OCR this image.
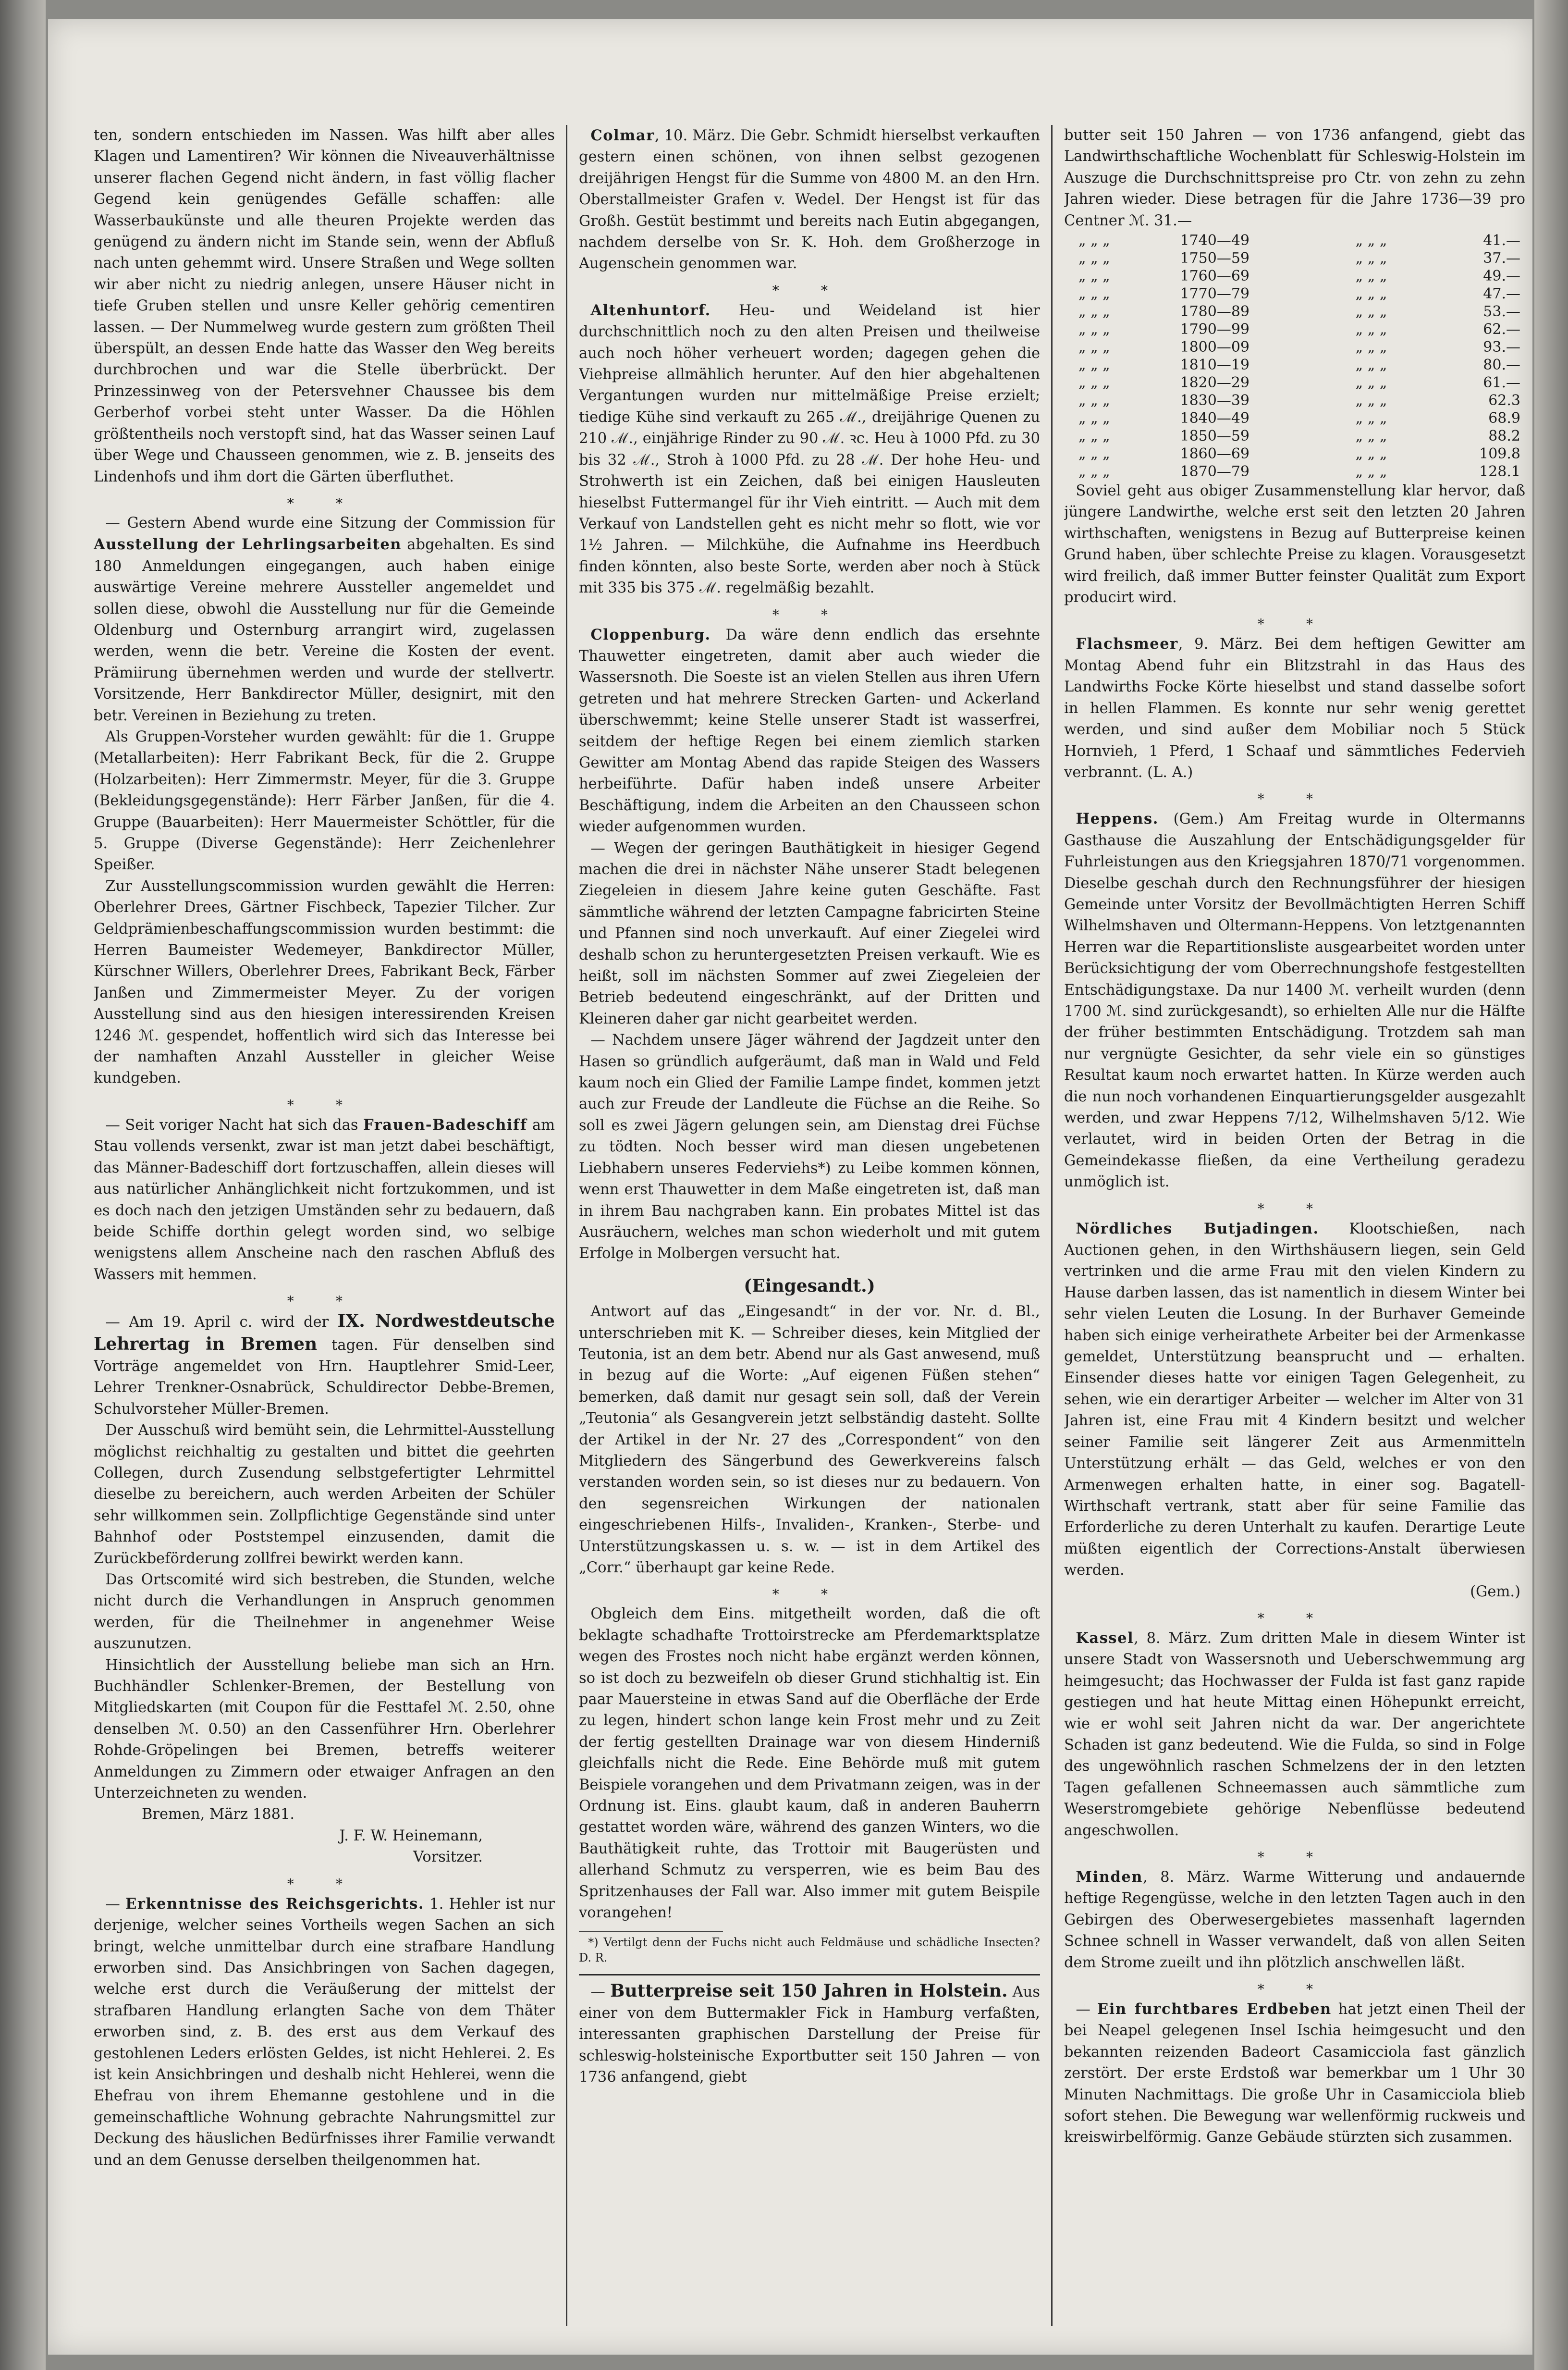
ten, sondern entschieden im Nassen. Was hilft aber alles Klagen und Lamentiren? Wir können die Niveauverhältnisse unserer flachen Gegend nicht ändern, in fast völlig flacher Gegend kein genügendes Gefälle schaffen: alle Wasserbaukünste und alle theuren Projekte werden das genügend zu ändern nicht im Stande sein, wenn der Abfluß nach unten gehemmt wird. Unsere Straßen und Wege sollten wir aber nicht zu niedrig anlegen, unsere Häuser nicht in tiefe Gruben stellen und unsre Keller gehörig cementiren lassen. — Der Nummelweg wurde gestern zum größten Theil überspült, an dessen Ende hatte das Wasser den Weg bereits durchbrochen und war die Stelle überbrückt. Der Prinzessinweg von der Petersvehner Chaussee bis dem Gerberhof vorbei steht unter Wasser. Da die Höhlen größtentheils noch verstopft sind, hat das Wasser seinen Lauf über Wege und Chausseen genommen, wie z. B. jenseits des Lindenhofs und ihm dort die Gärten überfluthet.

* *

— Gestern Abend wurde eine Sitzung der Commission für Ausstellung der Lehrlingsarbeiten abgehalten. Es sind 180 Anmeldungen eingegangen, auch haben einige auswärtige Vereine mehrere Aussteller angemeldet und sollen diese, obwohl die Ausstellung nur für die Gemeinde Oldenburg und Osternburg arrangirt wird, zugelassen werden, wenn die betr. Vereine die Kosten der event. Prämiirung übernehmen werden und wurde der stellvertr. Vorsitzende, Herr Bankdirector Müller, designirt, mit den betr. Vereinen in Beziehung zu treten.

Als Gruppen-Vorsteher wurden gewählt: für die 1. Gruppe (Metallarbeiten): Herr Fabrikant Beck, für die 2. Gruppe (Holzarbeiten): Herr Zimmermstr. Meyer, für die 3. Gruppe (Bekleidungsgegenstände): Herr Färber Janßen, für die 4. Gruppe (Bauarbeiten): Herr Mauermeister Schöttler, für die 5. Gruppe (Diverse Gegenstände): Herr Zeichenlehrer Speißer.

Zur Ausstellungscommission wurden gewählt die Herren: Oberlehrer Drees, Gärtner Fischbeck, Tapezier Tilcher. Zur Geldprämienbeschaffungscommission wurden bestimmt: die Herren Baumeister Wedemeyer, Bankdirector Müller, Kürschner Willers, Oberlehrer Drees, Fabrikant Beck, Färber Janßen und Zimmermeister Meyer. Zu der vorigen Ausstellung sind aus den hiesigen interessirenden Kreisen 1246 ℳ. gespendet, hoffentlich wird sich das Interesse bei der namhaften Anzahl Aussteller in gleicher Weise kundgeben.

* *

— Seit voriger Nacht hat sich das Frauen-Badeschiff am Stau vollends versenkt, zwar ist man jetzt dabei beschäftigt, das Männer-Badeschiff dort fortzuschaffen, allein dieses will aus natürlicher Anhänglichkeit nicht fortzukommen, und ist es doch nach den jetzigen Umständen sehr zu bedauern, daß beide Schiffe dorthin gelegt worden sind, wo selbige wenigstens allem Anscheine nach den raschen Abfluß des Wassers mit hemmen.

* *

— Am 19. April c. wird der IX. Nordwestdeutsche Lehrertag in Bremen tagen. Für denselben sind Vorträge angemeldet von Hrn. Hauptlehrer Smid-Leer, Lehrer Trenkner-Osnabrück, Schuldirector Debbe-Bremen, Schulvorsteher Müller-Bremen.

Der Ausschuß wird bemüht sein, die Lehrmittel-Ausstellung möglichst reichhaltig zu gestalten und bittet die geehrten Collegen, durch Zusendung selbstgefertigter Lehrmittel dieselbe zu bereichern, auch werden Arbeiten der Schüler sehr willkommen sein. Zollpflichtige Gegenstände sind unter Bahnhof oder Poststempel einzusenden, damit die Zurückbeförderung zollfrei bewirkt werden kann.

Das Ortscomité wird sich bestreben, die Stunden, welche nicht durch die Verhandlungen in Anspruch genommen werden, für die Theilnehmer in angenehmer Weise auszunutzen.

Hinsichtlich der Ausstellung beliebe man sich an Hrn. Buchhändler Schlenker-Bremen, der Bestellung von Mitgliedskarten (mit Coupon für die Festtafel ℳ. 2.50, ohne denselben ℳ. 0.50) an den Cassenführer Hrn. Oberlehrer Rohde-Gröpelingen bei Bremen, betreffs weiterer Anmeldungen zu Zimmern oder etwaiger Anfragen an den Unterzeichneten zu wenden.

Bremen, März 1881.

J. F. W. Heinemann,

Vorsitzer.

* *

— Erkenntnisse des Reichsgerichts. 1. Hehler ist nur derjenige, welcher seines Vortheils wegen Sachen an sich bringt, welche unmittelbar durch eine strafbare Handlung erworben sind. Das Ansichbringen von Sachen dagegen, welche erst durch die Veräußerung der mittelst der strafbaren Handlung erlangten Sache von dem Thäter erworben sind, z. B. des erst aus dem Verkauf des gestohlenen Leders erlösten Geldes, ist nicht Hehlerei. 2. Es ist kein Ansichbringen und deshalb nicht Hehlerei, wenn die Ehefrau von ihrem Ehemanne gestohlene und in die gemeinschaftliche Wohnung gebrachte Nahrungsmittel zur Deckung des häuslichen Bedürfnisses ihrer Familie verwandt und an dem Genusse derselben theilgenommen hat.

Colmar, 10. März. Die Gebr. Schmidt hierselbst verkauften gestern einen schönen, von ihnen selbst gezogenen dreijährigen Hengst für die Summe von 4800 M. an den Hrn. Oberstallmeister Grafen v. Wedel. Der Hengst ist für das Großh. Gestüt bestimmt und bereits nach Eutin abgegangen, nachdem derselbe von Sr. K. Hoh. dem Großherzoge in Augenschein genommen war.

* *

Altenhuntorf. Heu- und Weideland ist hier durchschnittlich noch zu den alten Preisen und theilweise auch noch höher verheuert worden; dagegen gehen die Viehpreise allmählich herunter. Auf den hier abgehaltenen Vergantungen wurden nur mittelmäßige Preise erzielt; tiedige Kühe sind verkauft zu 265 ℳ., dreijährige Quenen zu 210 ℳ., einjährige Rinder zu 90 ℳ. ꝛc. Heu à 1000 Pfd. zu 30 bis 32 ℳ., Stroh à 1000 Pfd. zu 28 ℳ. Der hohe Heu- und Strohwerth ist ein Zeichen, daß bei einigen Hausleuten hieselbst Futtermangel für ihr Vieh eintritt. — Auch mit dem Verkauf von Landstellen geht es nicht mehr so flott, wie vor 1½ Jahren. — Milchkühe, die Aufnahme ins Heerdbuch finden könnten, also beste Sorte, werden aber noch à Stück mit 335 bis 375 ℳ. regelmäßig bezahlt.

* *

Cloppenburg. Da wäre denn endlich das ersehnte Thauwetter eingetreten, damit aber auch wieder die Wassersnoth. Die Soeste ist an vielen Stellen aus ihren Ufern getreten und hat mehrere Strecken Garten- und Ackerland überschwemmt; keine Stelle unserer Stadt ist wasserfrei, seitdem der heftige Regen bei einem ziemlich starken Gewitter am Montag Abend das rapide Steigen des Wassers herbeiführte. Dafür haben indeß unsere Arbeiter Beschäftigung, indem die Arbeiten an den Chausseen schon wieder aufgenommen wurden.

— Wegen der geringen Bauthätigkeit in hiesiger Gegend machen die drei in nächster Nähe unserer Stadt belegenen Ziegeleien in diesem Jahre keine guten Geschäfte. Fast sämmtliche während der letzten Campagne fabricirten Steine und Pfannen sind noch unverkauft. Auf einer Ziegelei wird deshalb schon zu heruntergesetzten Preisen verkauft. Wie es heißt, soll im nächsten Sommer auf zwei Ziegeleien der Betrieb bedeutend eingeschränkt, auf der Dritten und Kleineren daher gar nicht gearbeitet werden.

— Nachdem unsere Jäger während der Jagdzeit unter den Hasen so gründlich aufgeräumt, daß man in Wald und Feld kaum noch ein Glied der Familie Lampe findet, kommen jetzt auch zur Freude der Landleute die Füchse an die Reihe. So soll es zwei Jägern gelungen sein, am Dienstag drei Füchse zu tödten. Noch besser wird man diesen ungebetenen Liebhabern unseres Federviehs*) zu Leibe kommen können, wenn erst Thauwetter in dem Maße eingetreten ist, daß man in ihrem Bau nachgraben kann. Ein probates Mittel ist das Ausräuchern, welches man schon wiederholt und mit gutem Erfolge in Molbergen versucht hat.

(Eingesandt.)

Antwort auf das „Eingesandt“ in der vor. Nr. d. Bl., unterschrieben mit K. — Schreiber dieses, kein Mitglied der Teutonia, ist an dem betr. Abend nur als Gast anwesend, muß in bezug auf die Worte: „Auf eigenen Füßen stehen“ bemerken, daß damit nur gesagt sein soll, daß der Verein „Teutonia“ als Gesangverein jetzt selbständig dasteht. Sollte der Artikel in der Nr. 27 des „Correspondent“ von den Mitgliedern des Sängerbund des Gewerkvereins falsch verstanden worden sein, so ist dieses nur zu bedauern. Von den segensreichen Wirkungen der nationalen eingeschriebenen Hilfs-, Invaliden-, Kranken-, Sterbe- und Unterstützungskassen u. s. w. — ist in dem Artikel des „Corr.“ überhaupt gar keine Rede.

* *

Obgleich dem Eins. mitgetheilt worden, daß die oft beklagte schadhafte Trottoirstrecke am Pferdemarktsplatze wegen des Frostes noch nicht habe ergänzt werden können, so ist doch zu bezweifeln ob dieser Grund stichhaltig ist. Ein paar Mauersteine in etwas Sand auf die Oberfläche der Erde zu legen, hindert schon lange kein Frost mehr und zu Zeit der fertig gestellten Drainage war von diesem Hinderniß gleichfalls nicht die Rede. Eine Behörde muß mit gutem Beispiele vorangehen und dem Privatmann zeigen, was in der Ordnung ist. Eins. glaubt kaum, daß in anderen Bauherrn gestattet worden wäre, während des ganzen Winters, wo die Bauthätigkeit ruhte, das Trottoir mit Baugerüsten und allerhand Schmutz zu versperren, wie es beim Bau des Spritzenhauses der Fall war. Also immer mit gutem Beispile vorangehen!

*) Vertilgt denn der Fuchs nicht auch Feldmäuse und schädliche Insecten? D. R.

— Butterpreise seit 150 Jahren in Holstein. Aus einer von dem Buttermakler Fick in Hamburg verfaßten, interessanten graphischen Darstellung der Preise für schleswig-holsteinische Exportbutter seit 150 Jahren — von 1736 anfangend, giebt

butter seit 150 Jahren — von 1736 anfangend, giebt das Landwirthschaftliche Wochenblatt für Schleswig-Holstein im Auszuge die Durchschnittspreise pro Ctr. von zehn zu zehn Jahren wieder. Diese betragen für die Jahre 1736—39 pro Centner ℳ. 31.—

„ „ „	1740—49	„ „ „	41.—
„ „ „	1750—59	„ „ „	37.—
„ „ „	1760—69	„ „ „	49.—
„ „ „	1770—79	„ „ „	47.—
„ „ „	1780—89	„ „ „	53.—
„ „ „	1790—99	„ „ „	62.—
„ „ „	1800—09	„ „ „	93.—
„ „ „	1810—19	„ „ „	80.—
„ „ „	1820—29	„ „ „	61.—
„ „ „	1830—39	„ „ „	62.3
„ „ „	1840—49	„ „ „	68.9
„ „ „	1850—59	„ „ „	88.2
„ „ „	1860—69	„ „ „	109.8
„ „ „	1870—79	„ „ „	128.1

Soviel geht aus obiger Zusammenstellung klar hervor, daß jüngere Landwirthe, welche erst seit den letzten 20 Jahren wirthschaften, wenigstens in Bezug auf Butterpreise keinen Grund haben, über schlechte Preise zu klagen. Vorausgesetzt wird freilich, daß immer Butter feinster Qualität zum Export producirt wird.

* *

Flachsmeer, 9. März. Bei dem heftigen Gewitter am Montag Abend fuhr ein Blitzstrahl in das Haus des Landwirths Focke Körte hieselbst und stand dasselbe sofort in hellen Flammen. Es konnte nur sehr wenig gerettet werden, und sind außer dem Mobiliar noch 5 Stück Hornvieh, 1 Pferd, 1 Schaaf und sämmtliches Federvieh verbrannt. (L. A.)

* *

Heppens. (Gem.) Am Freitag wurde in Oltermanns Gasthause die Auszahlung der Entschädigungsgelder für Fuhrleistungen aus den Kriegsjahren 1870/71 vorgenommen. Dieselbe geschah durch den Rechnungsführer der hiesigen Gemeinde unter Vorsitz der Bevollmächtigten Herren Schiff Wilhelmshaven und Oltermann-Heppens. Von letztgenannten Herren war die Repartitionsliste ausgearbeitet worden unter Berücksichtigung der vom Oberrechnungshofe festgestellten Entschädigungstaxe. Da nur 1400 ℳ. verheilt wurden (denn 1700 ℳ. sind zurückgesandt), so erhielten Alle nur die Hälfte der früher bestimmten Entschädigung. Trotzdem sah man nur vergnügte Gesichter, da sehr viele ein so günstiges Resultat kaum noch erwartet hatten. In Kürze werden auch die nun noch vorhandenen Einquartierungsgelder ausgezahlt werden, und zwar Heppens 7/12, Wilhelmshaven 5/12. Wie verlautet, wird in beiden Orten der Betrag in die Gemeindekasse fließen, da eine Vertheilung geradezu unmöglich ist.

* *

Nördliches Butjadingen. Klootschießen, nach Auctionen gehen, in den Wirthshäusern liegen, sein Geld vertrinken und die arme Frau mit den vielen Kindern zu Hause darben lassen, das ist namentlich in diesem Winter bei sehr vielen Leuten die Losung. In der Burhaver Gemeinde haben sich einige verheirathete Arbeiter bei der Armenkasse gemeldet, Unterstützung beansprucht und — erhalten. Einsender dieses hatte vor einigen Tagen Gelegenheit, zu sehen, wie ein derartiger Arbeiter — welcher im Alter von 31 Jahren ist, eine Frau mit 4 Kindern besitzt und welcher seiner Familie seit längerer Zeit aus Armenmitteln Unterstützung erhält — das Geld, welches er von den Armenwegen erhalten hatte, in einer sog. Bagatell-Wirthschaft vertrank, statt aber für seine Familie das Erforderliche zu deren Unterhalt zu kaufen. Derartige Leute müßten eigentlich der Corrections-Anstalt überwiesen werden.

(Gem.)

* *

Kassel, 8. März. Zum dritten Male in diesem Winter ist unsere Stadt von Wassersnoth und Ueberschwemmung arg heimgesucht; das Hochwasser der Fulda ist fast ganz rapide gestiegen und hat heute Mittag einen Höhepunkt erreicht, wie er wohl seit Jahren nicht da war. Der angerichtete Schaden ist ganz bedeutend. Wie die Fulda, so sind in Folge des ungewöhnlich raschen Schmelzens der in den letzten Tagen gefallenen Schneemassen auch sämmtliche zum Weserstromgebiete gehörige Nebenflüsse bedeutend angeschwollen.

* *

Minden, 8. März. Warme Witterung und andauernde heftige Regengüsse, welche in den letzten Tagen auch in den Gebirgen des Oberwesergebietes massenhaft lagernden Schnee schnell in Wasser verwandelt, daß von allen Seiten dem Strome zueilt und ihn plötzlich anschwellen läßt.

* *

— Ein furchtbares Erdbeben hat jetzt einen Theil der bei Neapel gelegenen Insel Ischia heimgesucht und den bekannten reizenden Badeort Casamicciola fast gänzlich zerstört. Der erste Erdstoß war bemerkbar um 1 Uhr 30 Minuten Nachmittags. Die große Uhr in Casamicciola blieb sofort stehen. Die Bewegung war wellenförmig ruckweis und kreiswirbelförmig. Ganze Gebäude stürzten sich zusammen.
